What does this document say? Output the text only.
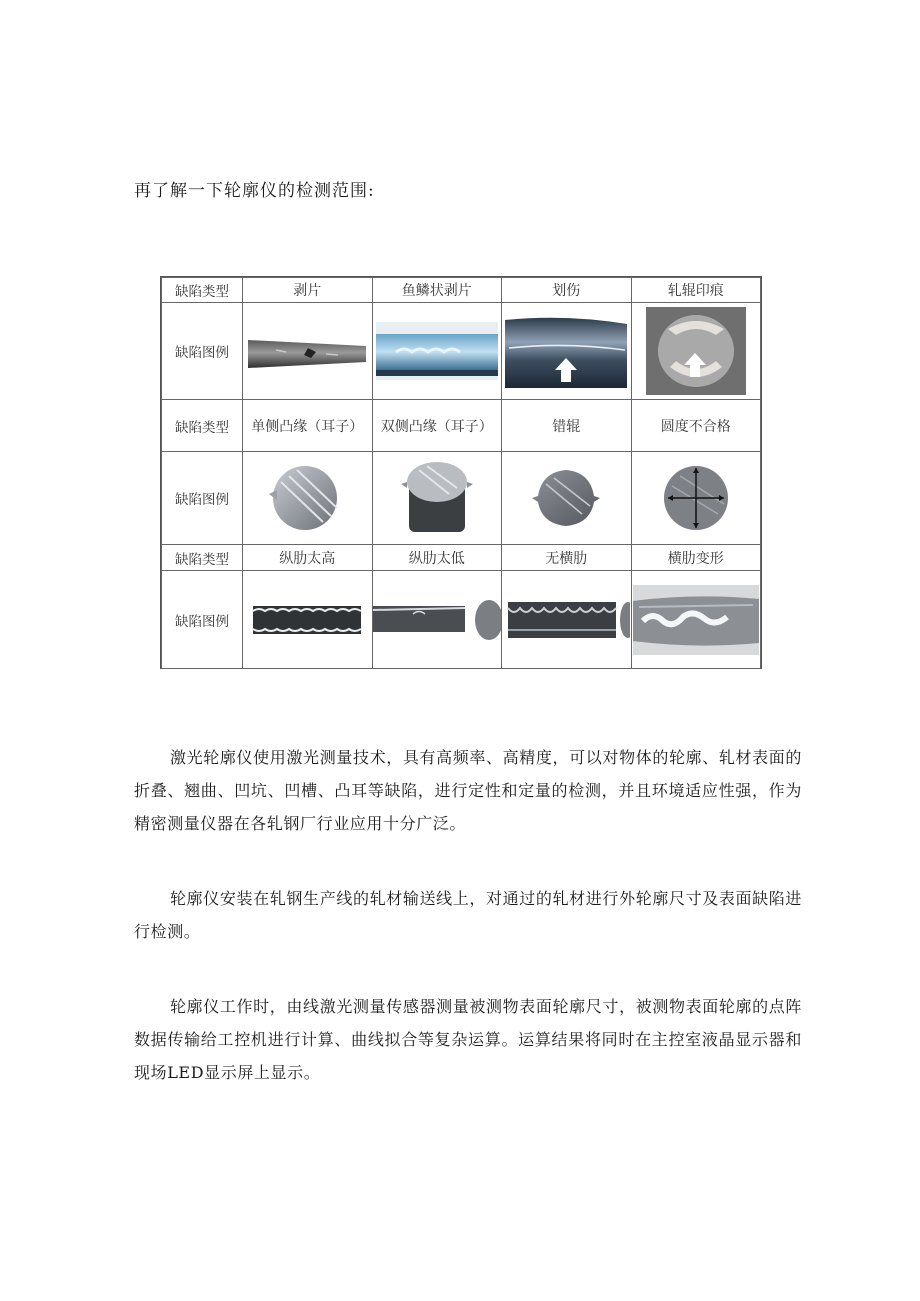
再了解一下轮廓仪的检测范围:
缺陷类型	剥片	鱼鳞状剥片	划伤	轧辊印痕
缺陷图例	

缺陷类型	单侧凸缘（耳子）	双侧凸缘（耳子）	错辊	圆度不合格
缺陷图例	

缺陷类型	纵肋太高	纵肋太低	无横肋	横肋变形
缺陷图例	

激光轮廓仪使用激光测量技术，具有高频率、高精度，可以对物体的轮廓、轧材表面的折叠、翘曲、凹坑、凹槽、凸耳等缺陷，进行定性和定量的检测，并且环境适应性强，作为精密测量仪器在各轧钢厂行业应用十分广泛。

轮廓仪安装在轧钢生产线的轧材输送线上，对通过的轧材进行外轮廓尺寸及表面缺陷进行检测。

轮廓仪工作时，由线激光测量传感器测量被测物表面轮廓尺寸，被测物表面轮廓的点阵数据传输给工控机进行计算、曲线拟合等复杂运算。运算结果将同时在主控室液晶显示器和现场LED显示屏上显示。
